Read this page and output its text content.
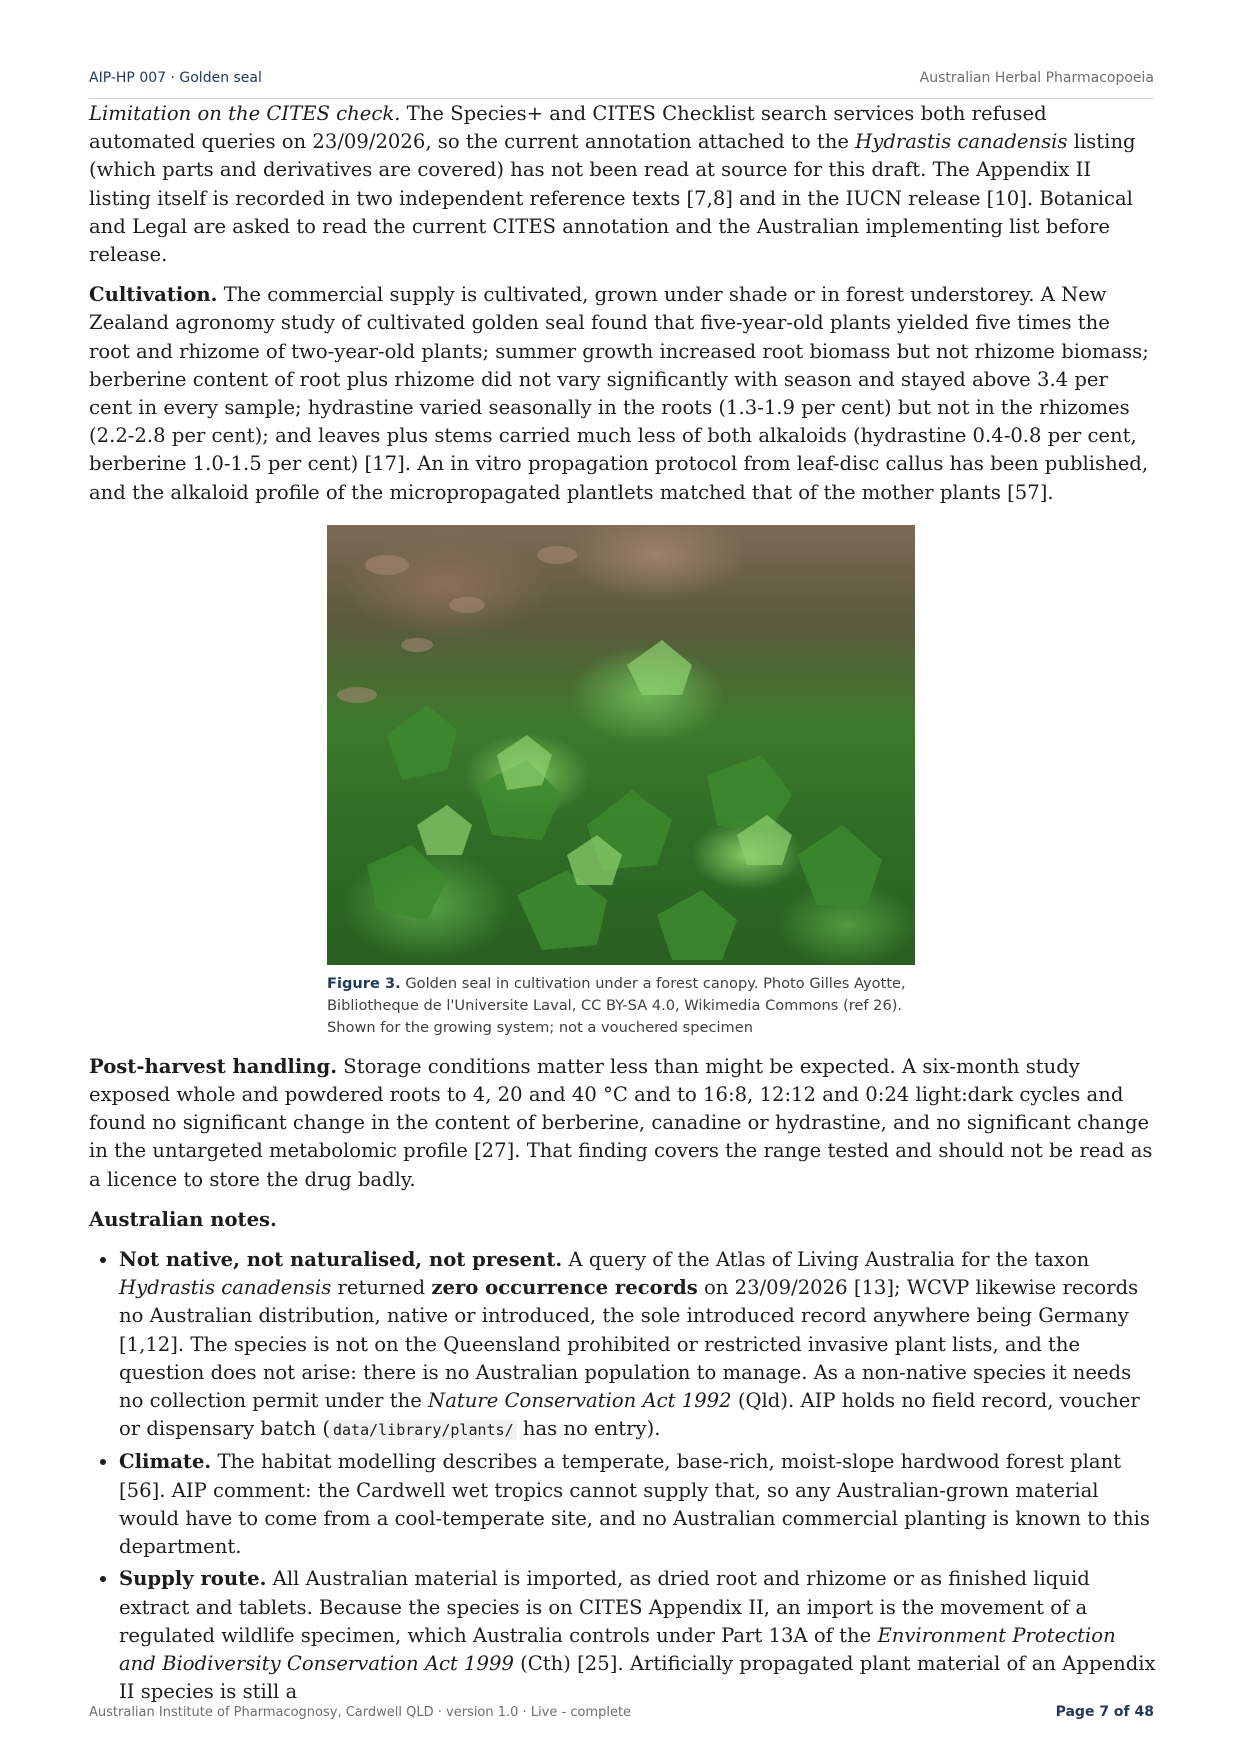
AIP-HP 007 · Golden seal	Australian Herbal Pharmacopoeia

Limitation on the CITES check. The Species+ and CITES Checklist search services both refused automated queries on 23/09/2026, so the current annotation attached to the Hydrastis canadensis listing (which parts and derivatives are covered) has not been read at source for this draft. The Appendix II listing itself is recorded in two independent reference texts [7,8] and in the IUCN release [10]. Botanical and Legal are asked to read the current CITES annotation and the Australian implementing list before release.

Cultivation. The commercial supply is cultivated, grown under shade or in forest understorey. A New Zealand agronomy study of cultivated golden seal found that five-year-old plants yielded five times the root and rhizome of two-year-old plants; summer growth increased root biomass but not rhizome biomass; berberine content of root plus rhizome did not vary significantly with season and stayed above 3.4 per cent in every sample; hydrastine varied seasonally in the roots (1.3-1.9 per cent) but not in the rhizomes (2.2-2.8 per cent); and leaves plus stems carried much less of both alkaloids (hydrastine 0.4-0.8 per cent, berberine 1.0-1.5 per cent) [17]. An in vitro propagation protocol from leaf-disc callus has been published, and the alkaloid profile of the micropropagated plantlets matched that of the mother plants [57].

Figure 3. Golden seal in cultivation under a forest canopy. Photo Gilles Ayotte, Bibliotheque de l'Universite Laval, CC BY-SA 4.0, Wikimedia Commons (ref 26). Shown for the growing system; not a vouchered specimen

Post-harvest handling. Storage conditions matter less than might be expected. A six-month study exposed whole and powdered roots to 4, 20 and 40 °C and to 16:8, 12:12 and 0:24 light:dark cycles and found no significant change in the content of berberine, canadine or hydrastine, and no significant change in the untargeted metabolomic profile [27]. That finding covers the range tested and should not be read as a licence to store the drug badly.

Australian notes.

• Not native, not naturalised, not present. A query of the Atlas of Living Australia for the taxon Hydrastis canadensis returned zero occurrence records on 23/09/2026 [13]; WCVP likewise records no Australian distribution, native or introduced, the sole introduced record anywhere being Germany [1,12]. The species is not on the Queensland prohibited or restricted invasive plant lists, and the question does not arise: there is no Australian population to manage. As a non-native species it needs no collection permit under the Nature Conservation Act 1992 (Qld). AIP holds no field record, voucher or dispensary batch ( data/library/plants/ has no entry).
• Climate. The habitat modelling describes a temperate, base-rich, moist-slope hardwood forest plant [56]. AIP comment: the Cardwell wet tropics cannot supply that, so any Australian-grown material would have to come from a cool-temperate site, and no Australian commercial planting is known to this department.
• Supply route. All Australian material is imported, as dried root and rhizome or as finished liquid extract and tablets. Because the species is on CITES Appendix II, an import is the movement of a regulated wildlife specimen, which Australia controls under Part 13A of the Environment Protection and Biodiversity Conservation Act 1999 (Cth) [25]. Artificially propagated plant material of an Appendix II species is still a
Australian Institute of Pharmacognosy, Cardwell QLD · version 1.0 · Live - complete	Page 7 of 48
